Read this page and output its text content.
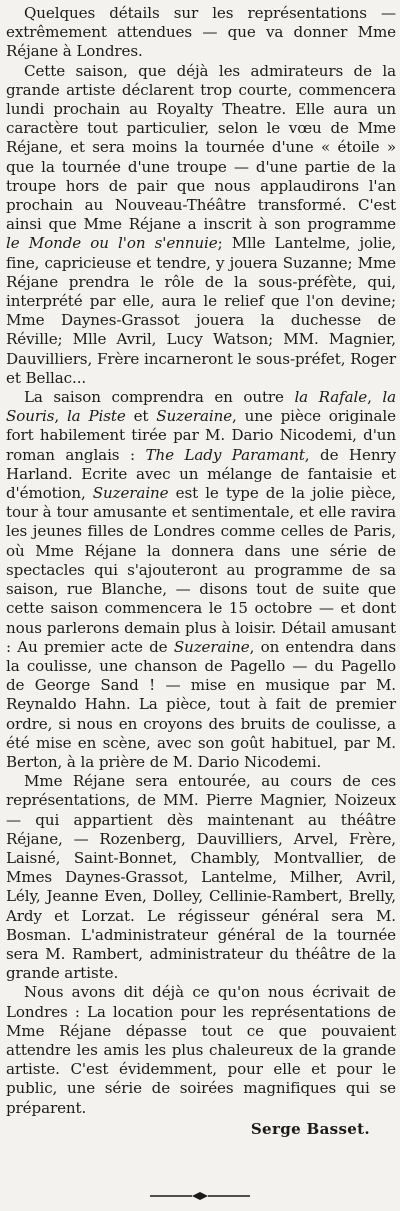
Quelques détails sur les représentations — extrêmement attendues — que va donner Mme Réjane à Londres.

Cette saison, que déjà les admirateurs de la grande artiste déclarent trop courte, commencera lundi prochain au Royalty Theatre. Elle aura un caractère tout particulier, selon le vœu de Mme Réjane, et sera moins la tournée d'une « étoile » que la tournée d'une troupe — d'une partie de la troupe hors de pair que nous applaudirons l'an prochain au Nouveau-Théâtre transformé. C'est ainsi que Mme Réjane a inscrit à son programme le Monde ou l'on s'ennuie; Mlle Lantelme, jolie, fine, capricieuse et tendre, y jouera Suzanne; Mme Réjane prendra le rôle de la sous-préfète, qui, interprété par elle, aura le relief que l'on devine; Mme Daynes-Grassot jouera la duchesse de Réville; Mlle Avril, Lucy Watson; MM. Magnier, Dauvilliers, Frère incarneront le sous-préfet, Roger et Bellac...

La saison comprendra en outre la Rafale, la Souris, la Piste et Suzeraine, une pièce originale fort habilement tirée par M. Dario Nicodemi, d'un roman anglais : The Lady Paramant, de Henry Harland. Ecrite avec un mélange de fantaisie et d'émotion, Suzeraine est le type de la jolie pièce, tour à tour amusante et sentimentale, et elle ravira les jeunes filles de Londres comme celles de Paris, où Mme Réjane la donnera dans une série de spectacles qui s'ajouteront au programme de sa saison, rue Blanche, — disons tout de suite que cette saison commencera le 15 octobre — et dont nous parlerons demain plus à loisir. Détail amusant : Au premier acte de Suzeraine, on entendra dans la coulisse, une chanson de Pagello — du Pagello de George Sand ! — mise en musique par M. Reynaldo Hahn. La pièce, tout à fait de premier ordre, si nous en croyons des bruits de coulisse, a été mise en scène, avec son goût habituel, par M. Berton, à la prière de M. Dario Nicodemi.

Mme Réjane sera entourée, au cours de ces représentations, de MM. Pierre Magnier, Noizeux — qui appartient dès maintenant au théâtre Réjane, — Rozenberg, Dauvilliers, Arvel, Frère, Laisné, Saint-Bonnet, Chambly, Montvallier, de Mmes Daynes-Grassot, Lantelme, Milher, Avril, Lély, Jeanne Even, Dolley, Cellinie-Rambert, Brelly, Ardy et Lorzat. Le régisseur général sera M. Bosman. L'administrateur général de la tournée sera M. Rambert, administrateur du théâtre de la grande artiste.

Nous avons dit déjà ce qu'on nous écrivait de Londres : La location pour les représentations de Mme Réjane dépasse tout ce que pouvaient attendre les amis les plus chaleureux de la grande artiste. C'est évidemment, pour elle et pour le public, une série de soirées magnifiques qui se préparent.

Serge Basset.
